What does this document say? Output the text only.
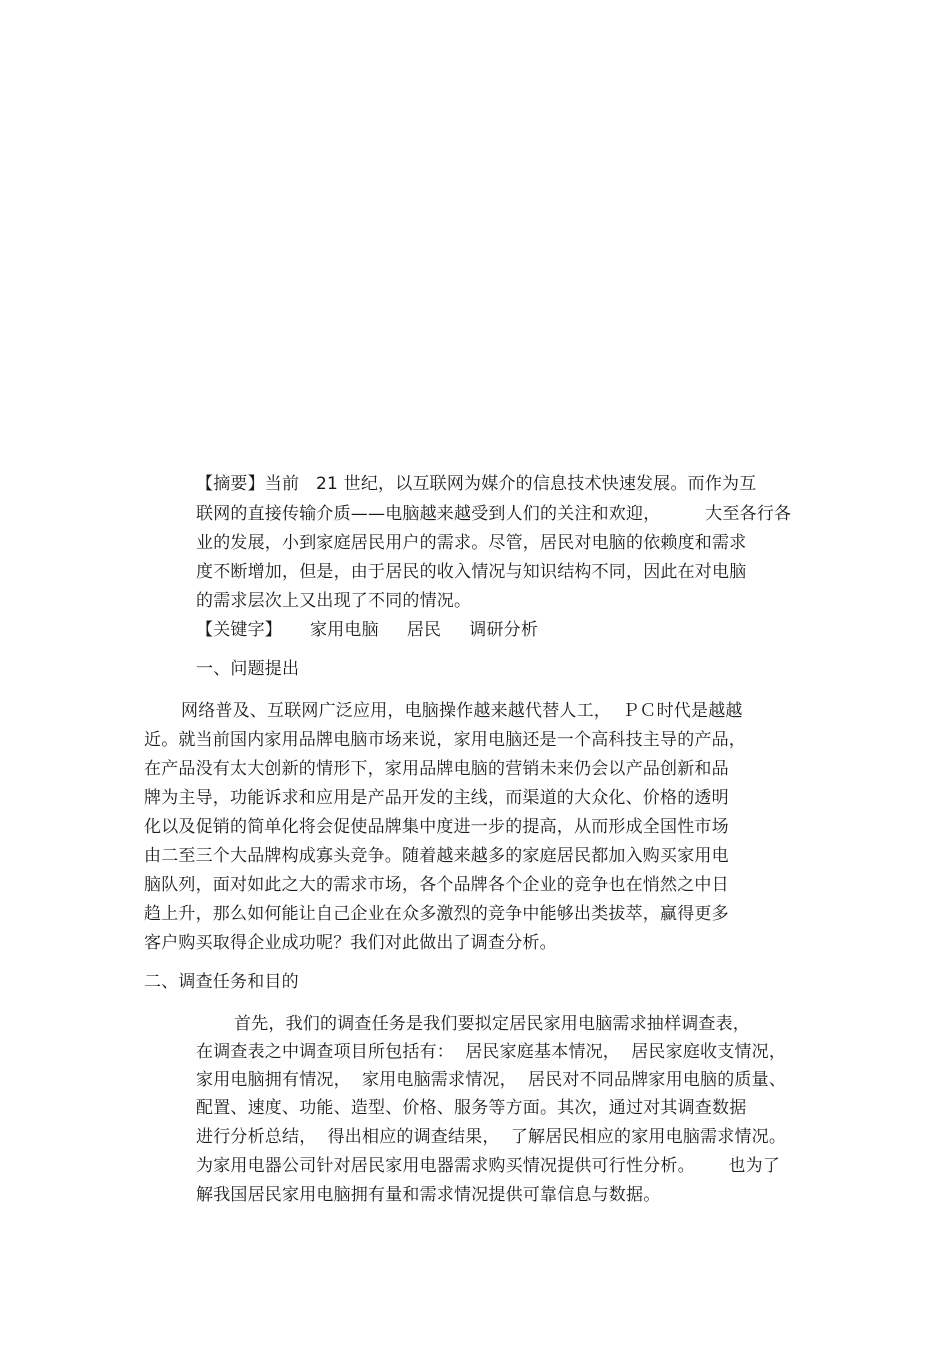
【摘要】当前   21 世纪，以互联网为媒介的信息技术快速发展。而作为互
联网的直接传输介质——电脑越来越受到人们的关注和欢迎，        大至各行各
业的发展，小到家庭居民用户的需求。尽管，居民对电脑的依赖度和需求
度不断增加，但是，由于居民的收入情况与知识结构不同，因此在对电脑
的需求层次上又出现了不同的情况。
【关键字】     家用电脑     居民     调研分析
一、问题提出
网络普及、互联网广泛应用，电脑操作越来越代替人工，  ＰＣ时代是越越
近。就当前国内家用品牌电脑市场来说，家用电脑还是一个高科技主导的产品，
在产品没有太大创新的情形下，家用品牌电脑的营销未来仍会以产品创新和品
牌为主导，功能诉求和应用是产品开发的主线，而渠道的大众化、价格的透明
化以及促销的简单化将会促使品牌集中度进一步的提高，从而形成全国性市场
由二至三个大品牌构成寡头竞争。随着越来越多的家庭居民都加入购买家用电
脑队列，面对如此之大的需求市场，各个品牌各个企业的竞争也在悄然之中日
趋上升，那么如何能让自己企业在众多激烈的竞争中能够出类拔萃，赢得更多
客户购买取得企业成功呢？我们对此做出了调查分析。
二、调查任务和目的
首先，我们的调查任务是我们要拟定居民家用电脑需求抽样调查表，
在调查表之中调查项目所包括有：  居民家庭基本情况，  居民家庭收支情况，
家用电脑拥有情况，  家用电脑需求情况，  居民对不同品牌家用电脑的质量、
配置、速度、功能、造型、价格、服务等方面。其次，通过对其调查数据
进行分析总结，  得出相应的调查结果，  了解居民相应的家用电脑需求情况。
为家用电器公司针对居民家用电器需求购买情况提供可行性分析。      也为了
解我国居民家用电脑拥有量和需求情况提供可靠信息与数据。
